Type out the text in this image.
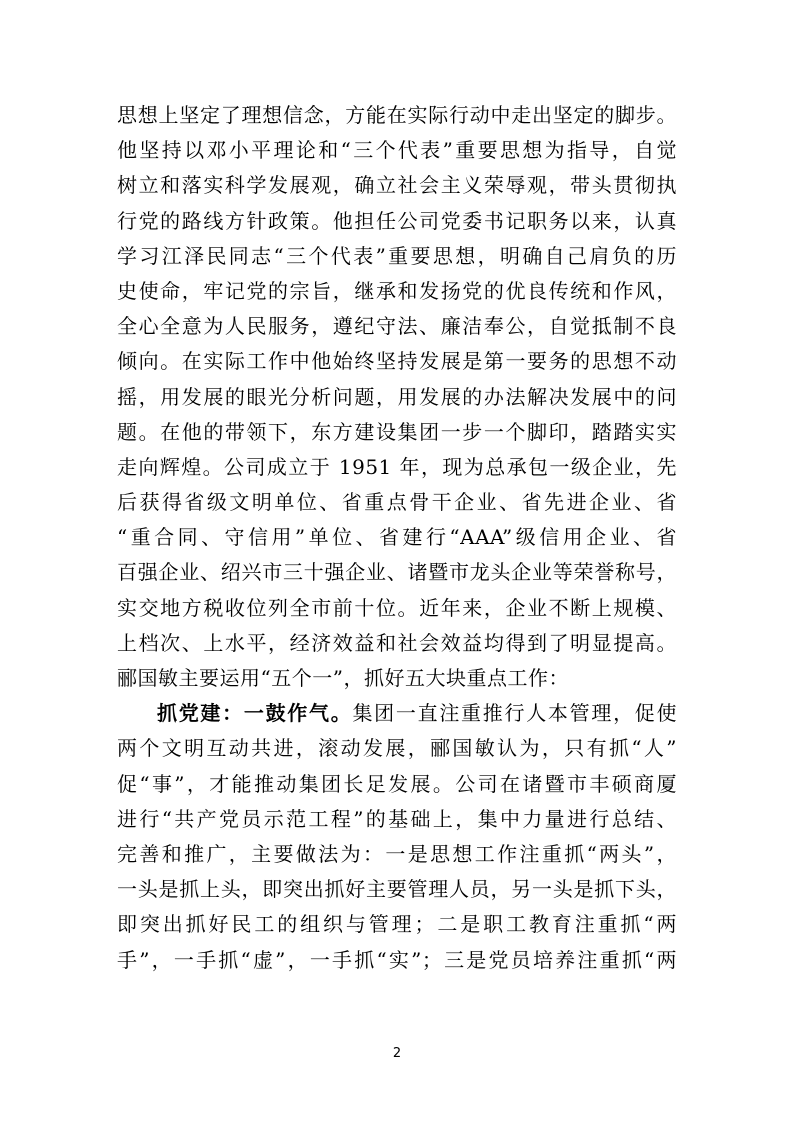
思想上坚定了理想信念，方能在实际行动中走出坚定的脚步。
他坚持以邓小平理论和“三个代表”重要思想为指导，自觉
树立和落实科学发展观，确立社会主义荣辱观，带头贯彻执
行党的路线方针政策。他担任公司党委书记职务以来，认真
学习江泽民同志“三个代表”重要思想，明确自己肩负的历
史使命，牢记党的宗旨，继承和发扬党的优良传统和作风，
全心全意为人民服务，遵纪守法、廉洁奉公，自觉抵制不良
倾向。在实际工作中他始终坚持发展是第一要务的思想不动
摇，用发展的眼光分析问题，用发展的办法解决发展中的问
题。在他的带领下，东方建设集团一步一个脚印，踏踏实实
走向辉煌。公司成立于 1951 年，现为总承包一级企业，先
后获得省级文明单位、省重点骨干企业、省先进企业、省
“重合同、守信用”单位、省建行“AAA”级信用企业、省
百强企业、绍兴市三十强企业、诸暨市龙头企业等荣誉称号，
实交地方税收位列全市前十位。近年来，企业不断上规模、
上档次、上水平，经济效益和社会效益均得到了明显提高。
郦国敏主要运用“五个一”，抓好五大块重点工作：
抓党建：一鼓作气。集团一直注重推行人本管理，促使
两个文明互动共进，滚动发展，郦国敏认为，只有抓“人”
促“事”，才能推动集团长足发展。公司在诸暨市丰硕商厦
进行“共产党员示范工程”的基础上，集中力量进行总结、
完善和推广，主要做法为：一是思想工作注重抓“两头”，
一头是抓上头，即突出抓好主要管理人员，另一头是抓下头，
即突出抓好民工的组织与管理；二是职工教育注重抓“两
手”，一手抓“虚”，一手抓“实”；三是党员培养注重抓“两
2
